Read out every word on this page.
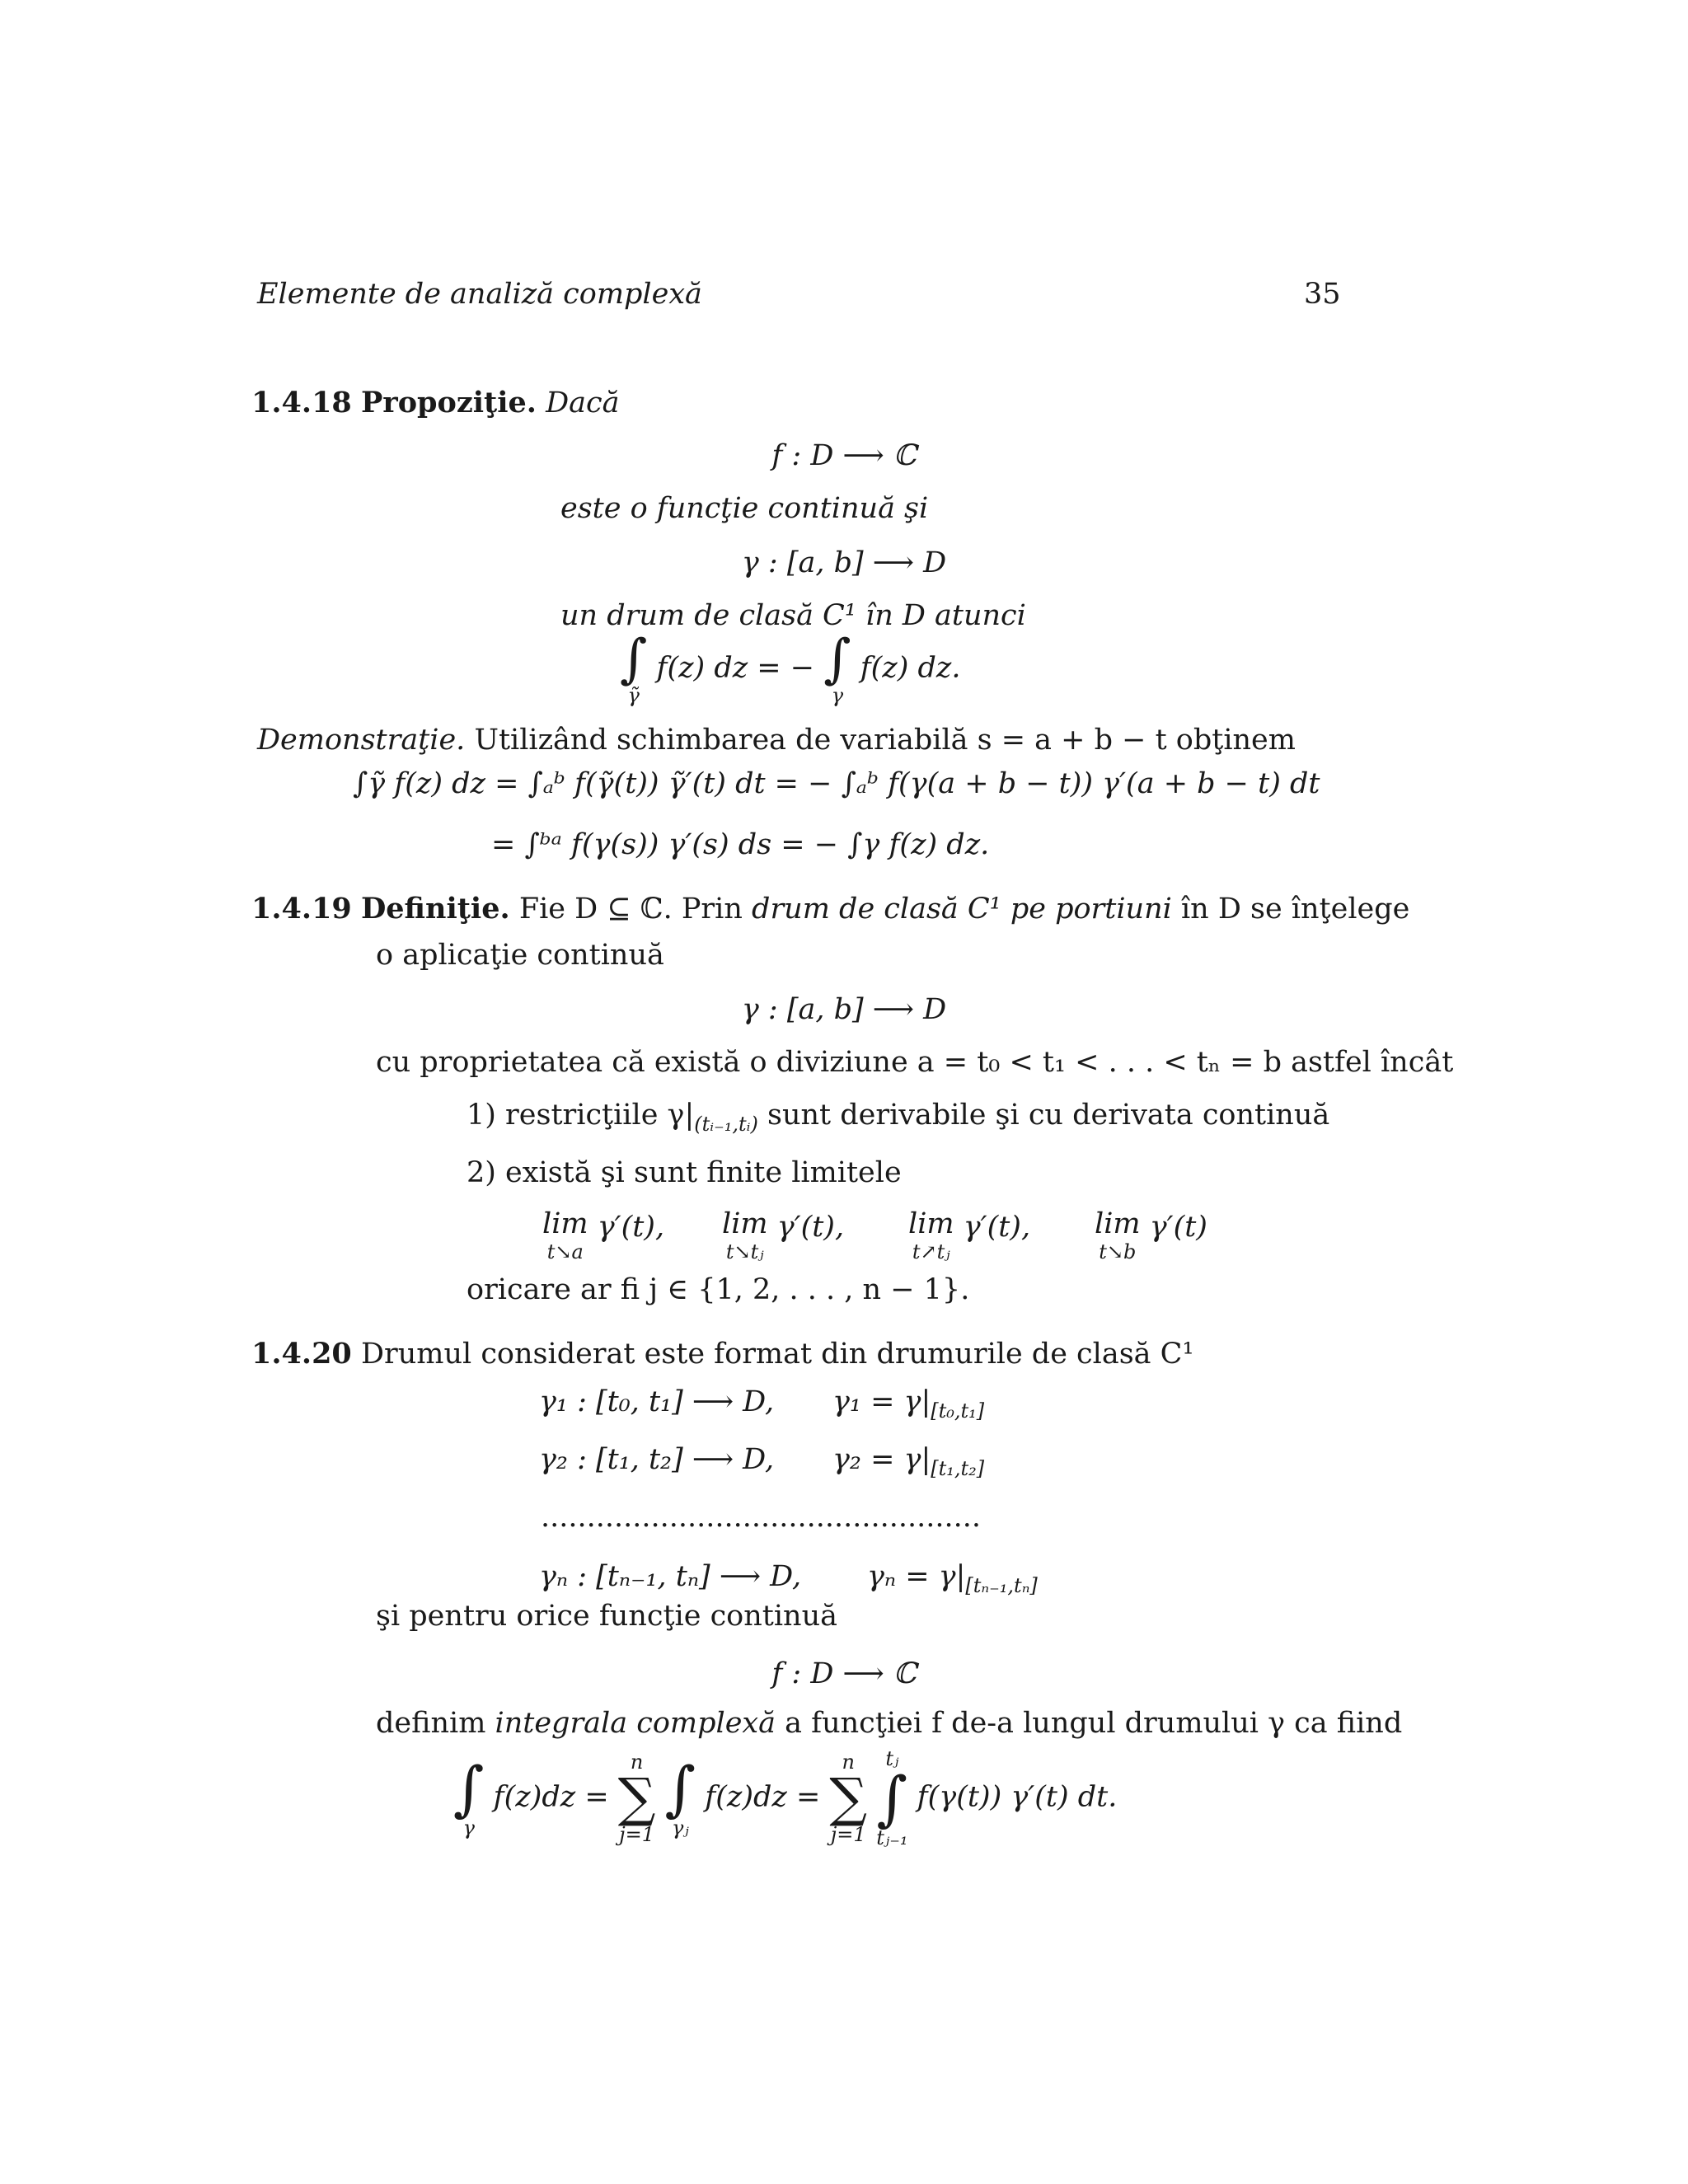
Elemente de analiză complexă	35
1.4.18 Propoziţie. Dacă
f : D ⟶ ℂ
este o funcţie continuă şi
γ : [a, b] ⟶ D
un drum de clasă C¹ în D atunci
∫
γ̃
f(z) dz = − ∫
γ
f(z) dz.
Demonstraţie. Utilizând schimbarea de variabilă s = a + b − t obţinem
∫γ̃ f(z) dz = ∫ₐᵇ f(γ̃(t)) γ̃′(t) dt = − ∫ₐᵇ f(γ(a + b − t)) γ′(a + b − t) dt
= ∫ᵇᵃ f(γ(s)) γ′(s) ds = − ∫γ f(z) dz.
1.4.19 Definiţie. Fie D ⊆ ℂ. Prin drum de clasă C¹ pe portiuni în D se înţelege
o aplicaţie continuă
γ : [a, b] ⟶ D
cu proprietatea că există o diviziune a = t₀ < t₁ < . . . < tₙ = b astfel încât
1) restricţiile $\gamma|_{(tᵢ_{-1},tᵢ)}$ sunt derivabile şi cu derivata continuă
2) există şi sunt finite limitele
lim
t↘a
γ′(t), lim
t↘tⱼ
γ′(t), lim
t↗tⱼ
γ′(t), lim
t↘b
γ′(t)
oricare ar fi j ∈ {1, 2, . . . , n − 1}.
1.4.20 Drumul considerat este format din drumurile de clasă C¹
γ₁ : [t₀, t₁] ⟶ D, $\gamma_1 = \gamma|_{[t_0,t_1]}$
γ₂ : [t₁, t₂] ⟶ D, $\gamma_2 = \gamma|_{[t_1,t_2]}$
................................................
γₙ : [tₙ₋₁, tₙ] ⟶ D, $\gamma_n = \gamma|_{[t_{n-1},t_n]}$
şi pentru orice funcţie continuă
f : D ⟶ ℂ
definim integrala complexă a funcţiei f de-a lungul drumului γ ca fiind
∫
γ
f(z)dz =
n
∑
j=1
∫
γⱼ
f(z)dz =
n
∑
j=1

tⱼ
∫
tⱼ₋₁
f(γ(t)) γ′(t) dt.
